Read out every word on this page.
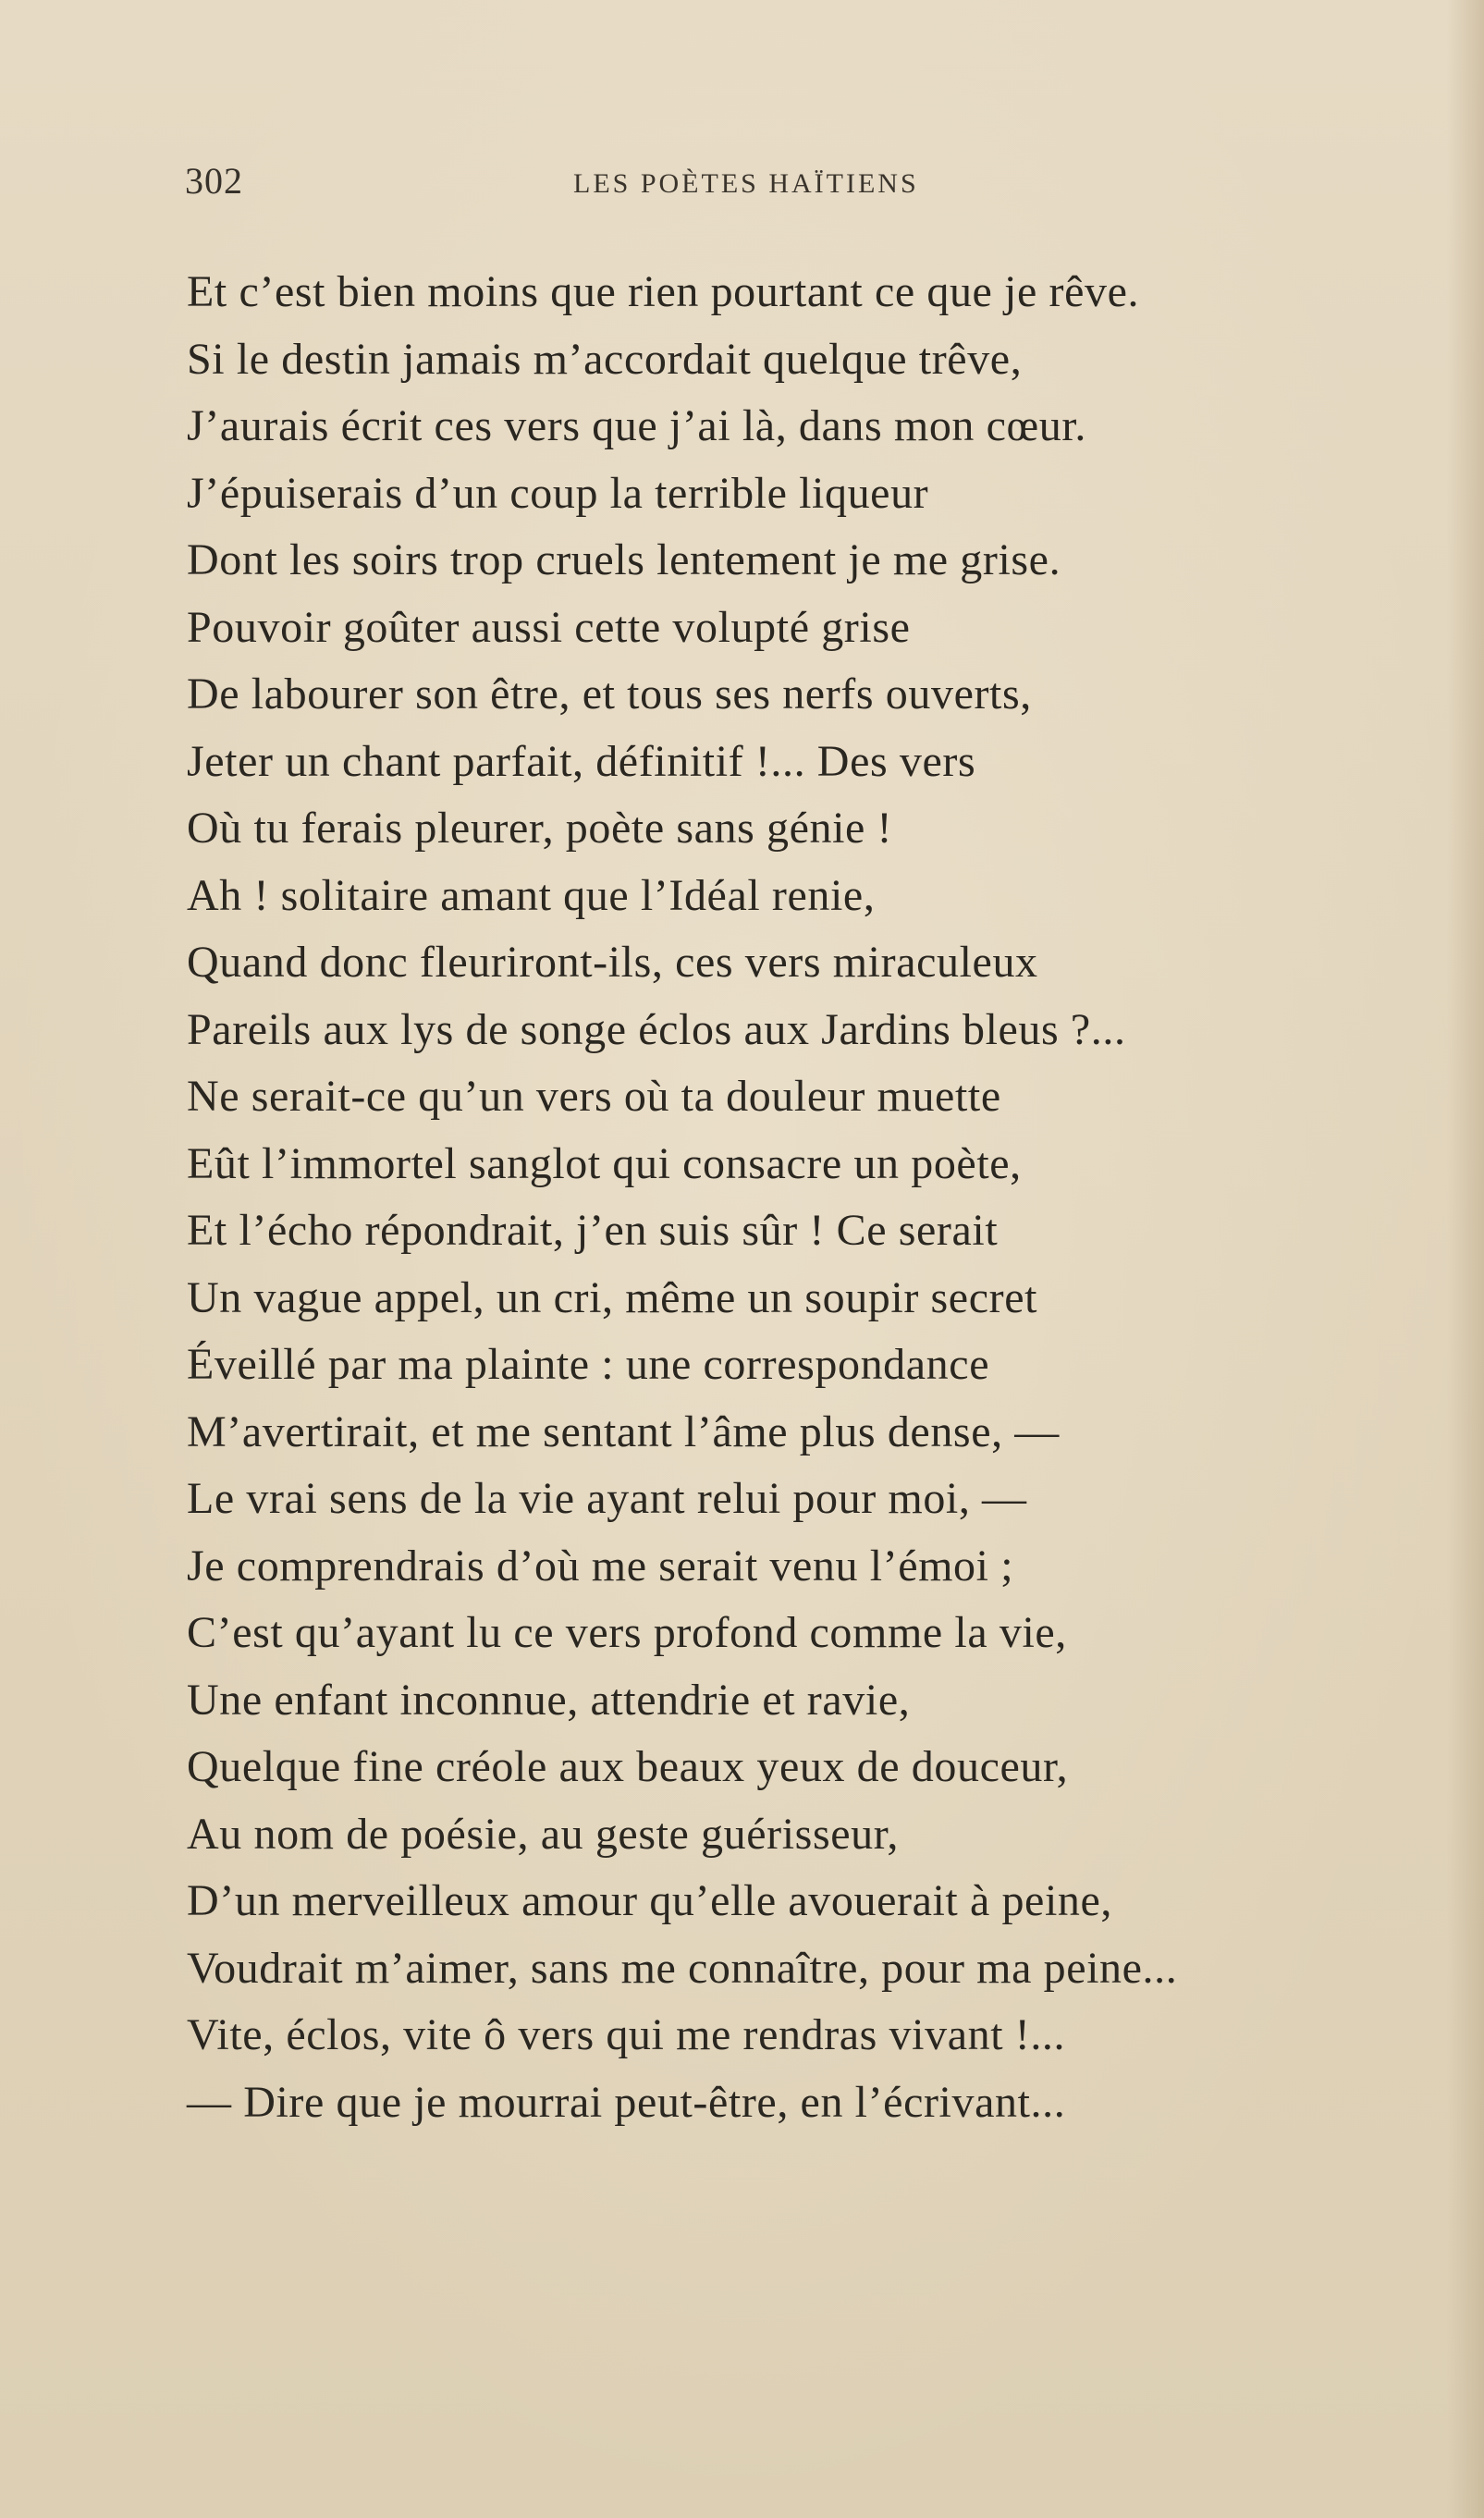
302	LES POÈTES HAÏTIENS
Et c’est bien moins que rien pourtant ce que je rêve.
Si le destin jamais m’accordait quelque trêve,
J’aurais écrit ces vers que j’ai là, dans mon cœur.
J’épuiserais d’un coup la terrible liqueur
Dont les soirs trop cruels lentement je me grise.
Pouvoir goûter aussi cette volupté grise
De labourer son être, et tous ses nerfs ouverts,
Jeter un chant parfait, définitif !... Des vers
Où tu ferais pleurer, poète sans génie !
Ah ! solitaire amant que l’Idéal renie,
Quand donc fleuriront-ils, ces vers miraculeux
Pareils aux lys de songe éclos aux Jardins bleus ?...
Ne serait-ce qu’un vers où ta douleur muette
Eût l’immortel sanglot qui consacre un poète,
Et l’écho répondrait, j’en suis sûr ! Ce serait
Un vague appel, un cri, même un soupir secret
Éveillé par ma plainte : une correspondance
M’avertirait, et me sentant l’âme plus dense, —
Le vrai sens de la vie ayant relui pour moi, —
Je comprendrais d’où me serait venu l’émoi ;
C’est qu’ayant lu ce vers profond comme la vie,
Une enfant inconnue, attendrie et ravie,
Quelque fine créole aux beaux yeux de douceur,
Au nom de poésie, au geste guérisseur,
D’un merveilleux amour qu’elle avouerait à peine,
Voudrait m’aimer, sans me connaître, pour ma peine...
Vite, éclos, vite ô vers qui me rendras vivant !...
— Dire que je mourrai peut-être, en l’écrivant...
